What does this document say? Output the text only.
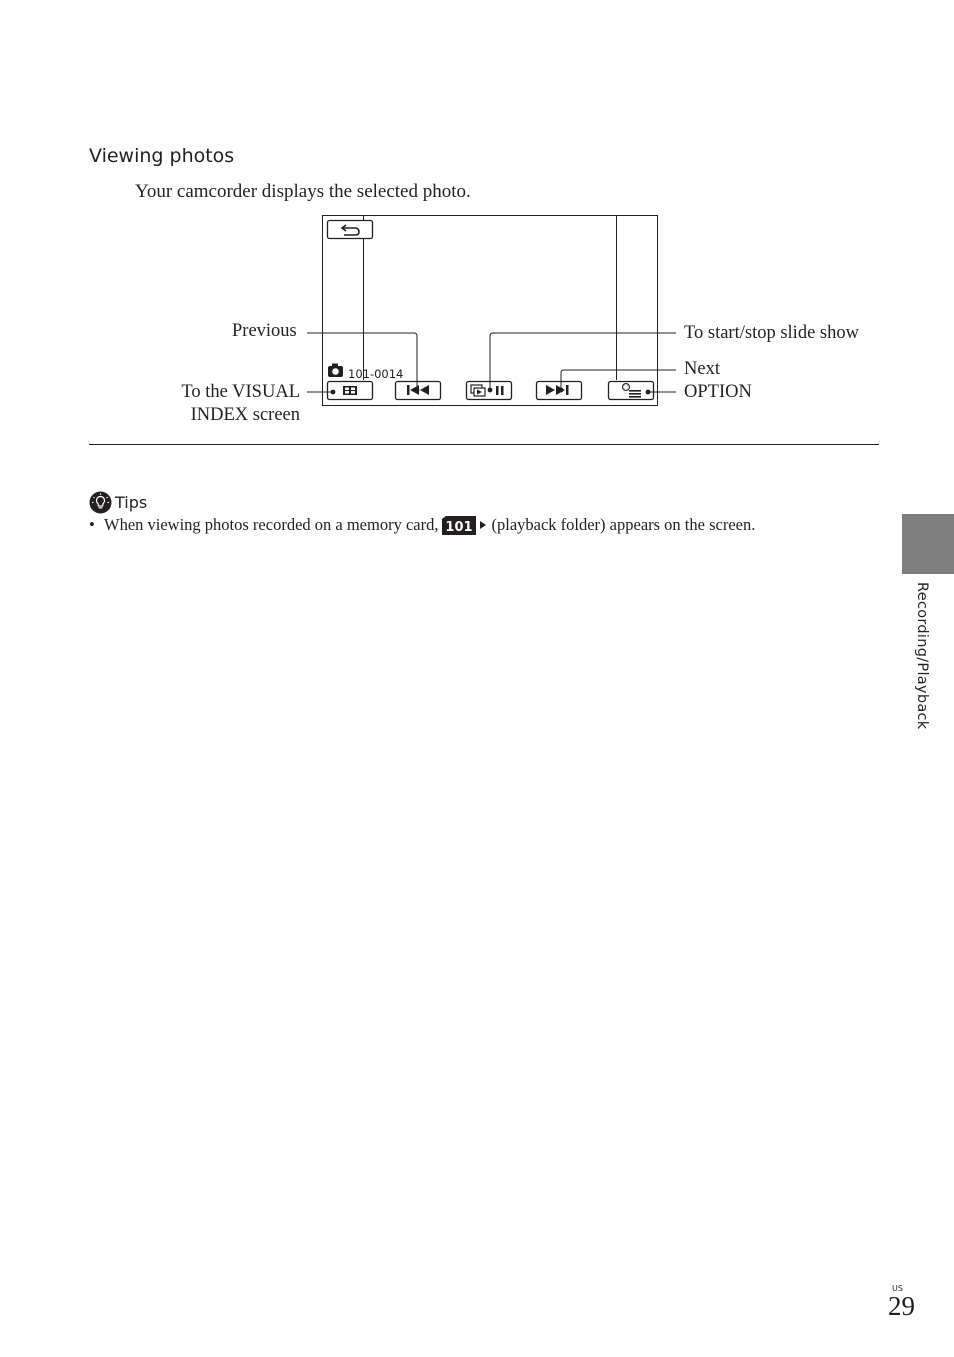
Viewing photos
Your camcorder displays the selected photo.
101-0014
Previous
To the VISUAL
INDEX screen
To start/stop slide show
Next
OPTION
Tips
• When viewing photos recorded on a memory card, 101 (playback folder) appears on the screen.
Recording/Playback
US
29
